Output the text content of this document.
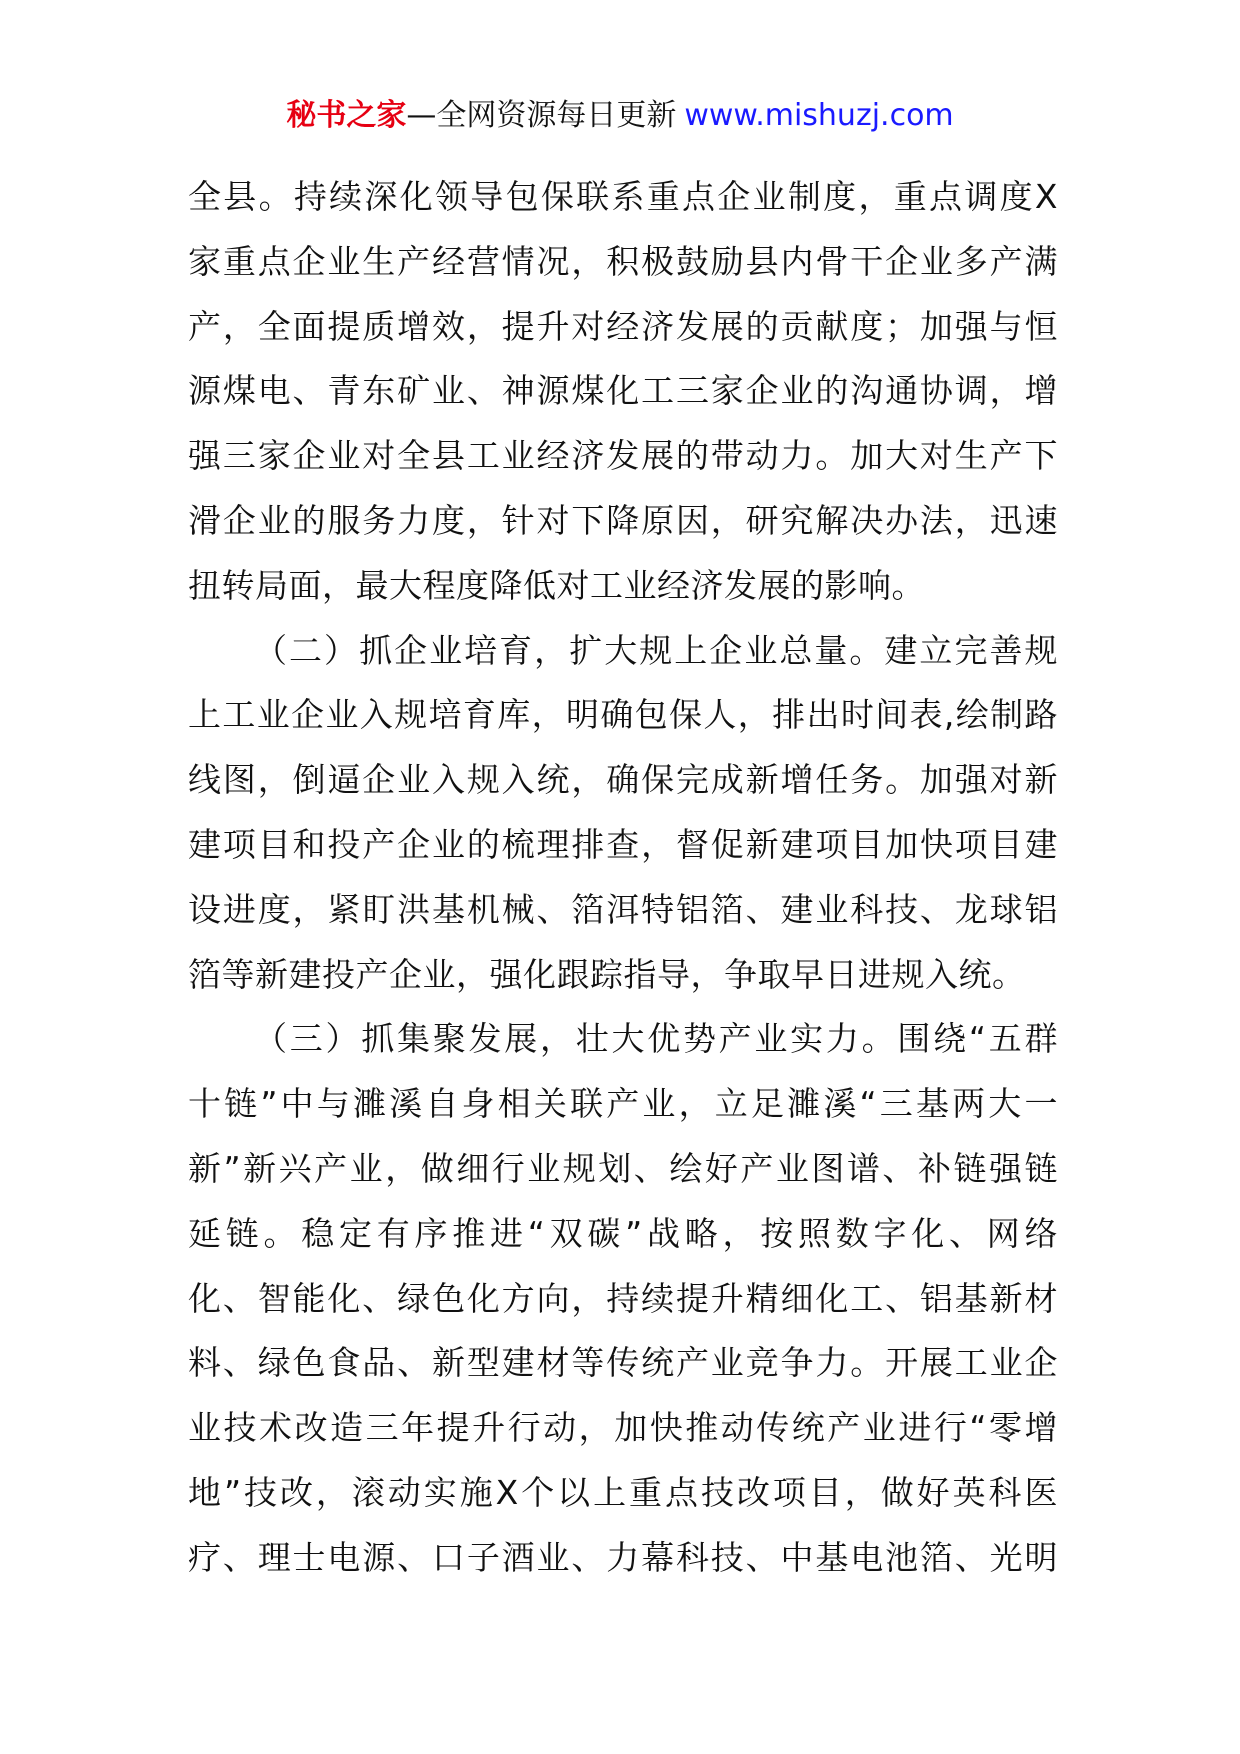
秘书之家—全网资源每日更新 www.mishuzj.com
全县。持续深化领导包保联系重点企业制度，重点调度X
家重点企业生产经营情况，积极鼓励县内骨干企业多产满
产，全面提质增效，提升对经济发展的贡献度；加强与恒
源煤电、青东矿业、神源煤化工三家企业的沟通协调，增
强三家企业对全县工业经济发展的带动力。加大对生产下
滑企业的服务力度，针对下降原因，研究解决办法，迅速
扭转局面，最大程度降低对工业经济发展的影响。
（二）抓企业培育，扩大规上企业总量。建立完善规
上工业企业入规培育库，明确包保人，排出时间表,绘制路
线图，倒逼企业入规入统，确保完成新增任务。加强对新
建项目和投产企业的梳理排查，督促新建项目加快项目建
设进度，紧盯洪基机械、箔洱特铝箔、建业科技、龙球铝
箔等新建投产企业，强化跟踪指导，争取早日进规入统。
（三）抓集聚发展，壮大优势产业实力。围绕“五群
十链”中与濉溪自身相关联产业，立足濉溪“三基两大一
新”新兴产业，做细行业规划、绘好产业图谱、补链强链
延链。稳定有序推进“双碳”战略，按照数字化、网络
化、智能化、绿色化方向，持续提升精细化工、铝基新材
料、绿色食品、新型建材等传统产业竞争力。开展工业企
业技术改造三年提升行动，加快推动传统产业进行“零增
地”技改，滚动实施X个以上重点技改项目，做好英科医
疗、理士电源、口子酒业、力幕科技、中基电池箔、光明
